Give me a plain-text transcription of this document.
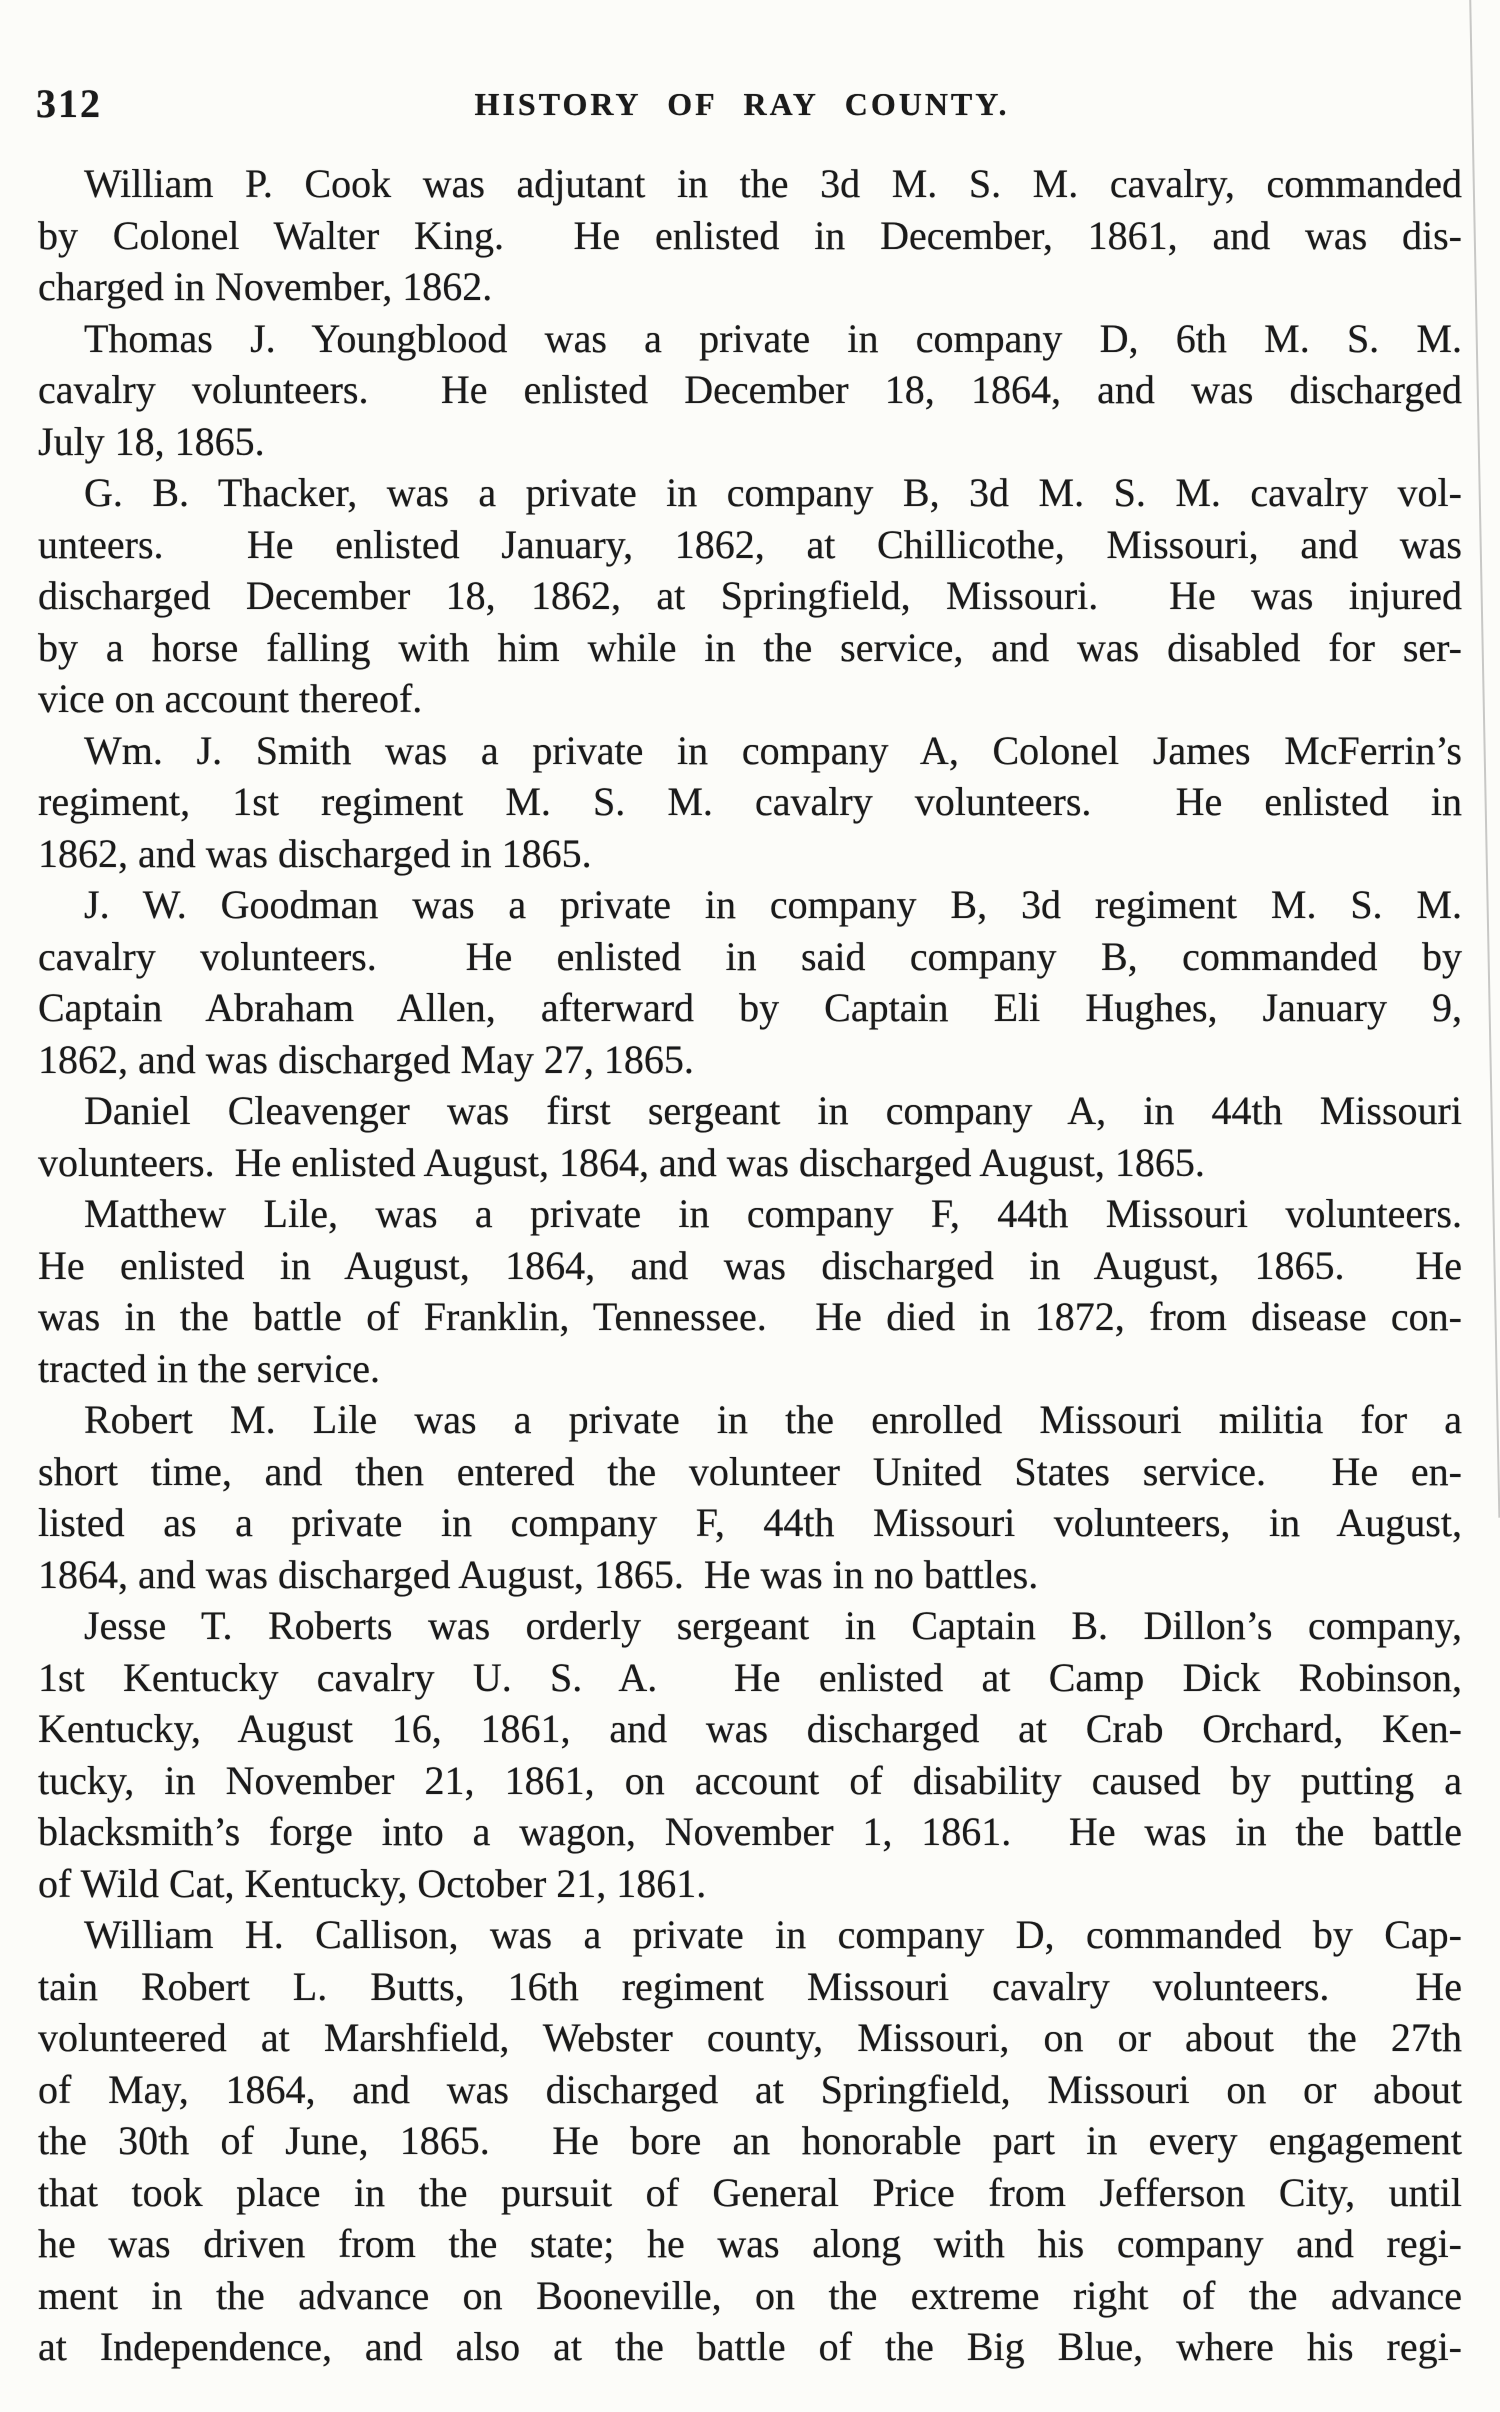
312	HISTORY OF RAY COUNTY.
William P. Cook was adjutant in the 3d M. S. M. cavalry, commanded
by Colonel Walter King.  He enlisted in December, 1861, and was dis-
charged in November, 1862.
Thomas J. Youngblood was a private in company D, 6th M. S. M.
cavalry volunteers.  He enlisted December 18, 1864, and was discharged
July 18, 1865.
G. B. Thacker, was a private in company B, 3d M. S. M. cavalry vol-
unteers.  He enlisted January, 1862, at Chillicothe, Missouri, and was
discharged December 18, 1862, at Springfield, Missouri.  He was injured
by a horse falling with him while in the service, and was disabled for ser-
vice on account thereof.
Wm. J. Smith was a private in company A, Colonel James McFerrin’s
regiment, 1st regiment M. S. M. cavalry volunteers.  He enlisted in
1862, and was discharged in 1865.
J. W. Goodman was a private in company B, 3d regiment M. S. M.
cavalry volunteers.  He enlisted in said company B, commanded by
Captain Abraham Allen, afterward by Captain Eli Hughes, January 9,
1862, and was discharged May 27, 1865.
Daniel Cleavenger was first sergeant in company A, in 44th Missouri
volunteers.  He enlisted August, 1864, and was discharged August, 1865.
Matthew Lile, was a private in company F, 44th Missouri volunteers.
He enlisted in August, 1864, and was discharged in August, 1865.  He
was in the battle of Franklin, Tennessee.  He died in 1872, from disease con-
tracted in the service.
Robert M. Lile was a private in the enrolled Missouri militia for a
short time, and then entered the volunteer United States service.  He en-
listed as a private in company F, 44th Missouri volunteers, in August,
1864, and was discharged August, 1865.  He was in no battles.
Jesse T. Roberts was orderly sergeant in Captain B. Dillon’s company,
1st Kentucky cavalry U. S. A.  He enlisted at Camp Dick Robinson,
Kentucky, August 16, 1861, and was discharged at Crab Orchard, Ken-
tucky, in November 21, 1861, on account of disability caused by putting a
blacksmith’s forge into a wagon, November 1, 1861.  He was in the battle
of Wild Cat, Kentucky, October 21, 1861.
William H. Callison, was a private in company D, commanded by Cap-
tain Robert L. Butts, 16th regiment Missouri cavalry volunteers.  He
volunteered at Marshfield, Webster county, Missouri, on or about the 27th
of May, 1864, and was discharged at Springfield, Missouri on or about
the 30th of June, 1865.  He bore an honorable part in every engagement
that took place in the pursuit of General Price from Jefferson City, until
he was driven from the state; he was along with his company and regi-
ment in the advance on Booneville, on the extreme right of the advance
at Independence, and also at the battle of the Big Blue, where his regi-
